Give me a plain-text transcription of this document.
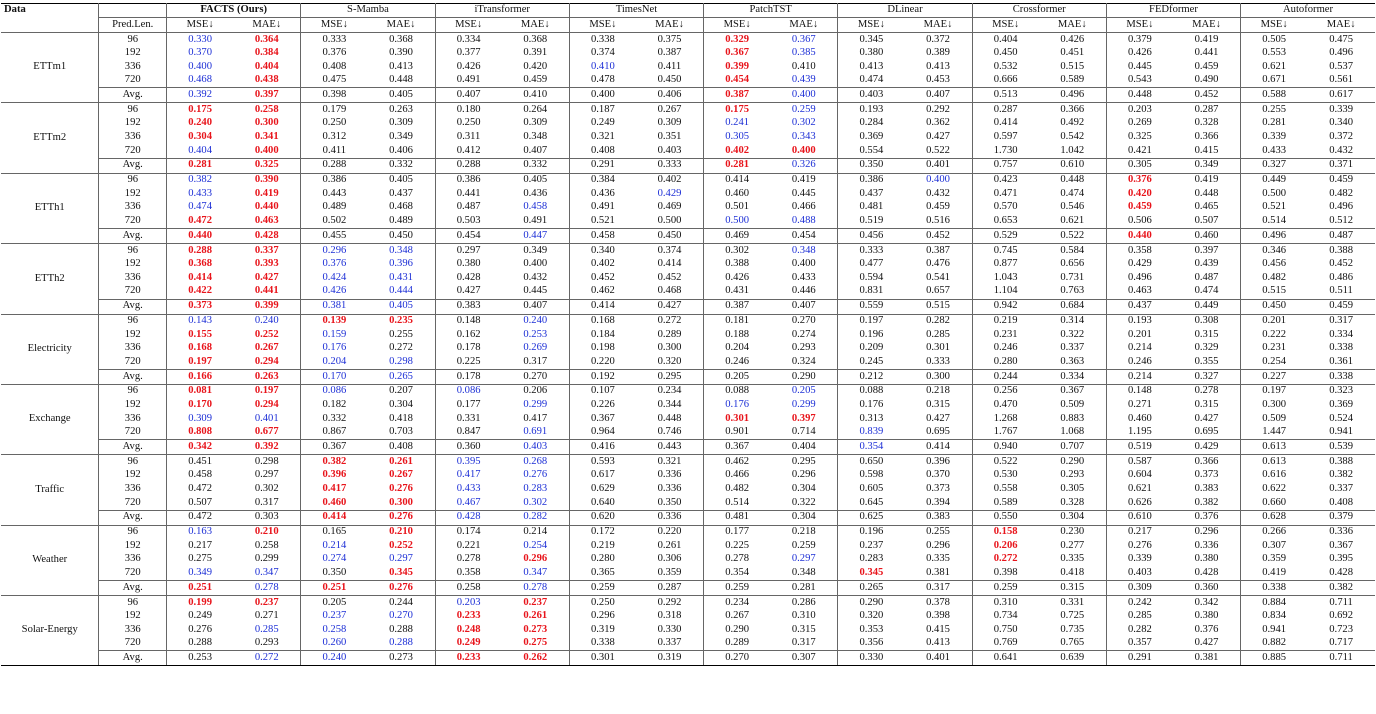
Data		FACTS (Ours)		S-Mamba		iTransformer		TimesNet		PatchTST		DLinear		Crossformer		FEDformer		Autoformer	
	Pred.Len.	MSE↓	MAE↓	MSE↓	MAE↓	MSE↓	MAE↓	MSE↓	MAE↓	MSE↓	MAE↓	MSE↓	MAE↓	MSE↓	MAE↓	MSE↓	MAE↓	MSE↓	MAE↓
ETTm1	96	0.330	0.364	0.333	0.368	0.334	0.368	0.338	0.375	0.329	0.367	0.345	0.372	0.404	0.426	0.379	0.419	0.505	0.475
	192	0.370	0.384	0.376	0.390	0.377	0.391	0.374	0.387	0.367	0.385	0.380	0.389	0.450	0.451	0.426	0.441	0.553	0.496
	336	0.400	0.404	0.408	0.413	0.426	0.420	0.410	0.411	0.399	0.410	0.413	0.413	0.532	0.515	0.445	0.459	0.621	0.537
	720	0.468	0.438	0.475	0.448	0.491	0.459	0.478	0.450	0.454	0.439	0.474	0.453	0.666	0.589	0.543	0.490	0.671	0.561
	Avg.	0.392	0.397	0.398	0.405	0.407	0.410	0.400	0.406	0.387	0.400	0.403	0.407	0.513	0.496	0.448	0.452	0.588	0.617
ETTm2	96	0.175	0.258	0.179	0.263	0.180	0.264	0.187	0.267	0.175	0.259	0.193	0.292	0.287	0.366	0.203	0.287	0.255	0.339
	192	0.240	0.300	0.250	0.309	0.250	0.309	0.249	0.309	0.241	0.302	0.284	0.362	0.414	0.492	0.269	0.328	0.281	0.340
	336	0.304	0.341	0.312	0.349	0.311	0.348	0.321	0.351	0.305	0.343	0.369	0.427	0.597	0.542	0.325	0.366	0.339	0.372
	720	0.404	0.400	0.411	0.406	0.412	0.407	0.408	0.403	0.402	0.400	0.554	0.522	1.730	1.042	0.421	0.415	0.433	0.432
	Avg.	0.281	0.325	0.288	0.332	0.288	0.332	0.291	0.333	0.281	0.326	0.350	0.401	0.757	0.610	0.305	0.349	0.327	0.371
ETTh1	96	0.382	0.390	0.386	0.405	0.386	0.405	0.384	0.402	0.414	0.419	0.386	0.400	0.423	0.448	0.376	0.419	0.449	0.459
	192	0.433	0.419	0.443	0.437	0.441	0.436	0.436	0.429	0.460	0.445	0.437	0.432	0.471	0.474	0.420	0.448	0.500	0.482
	336	0.474	0.440	0.489	0.468	0.487	0.458	0.491	0.469	0.501	0.466	0.481	0.459	0.570	0.546	0.459	0.465	0.521	0.496
	720	0.472	0.463	0.502	0.489	0.503	0.491	0.521	0.500	0.500	0.488	0.519	0.516	0.653	0.621	0.506	0.507	0.514	0.512
	Avg.	0.440	0.428	0.455	0.450	0.454	0.447	0.458	0.450	0.469	0.454	0.456	0.452	0.529	0.522	0.440	0.460	0.496	0.487
ETTh2	96	0.288	0.337	0.296	0.348	0.297	0.349	0.340	0.374	0.302	0.348	0.333	0.387	0.745	0.584	0.358	0.397	0.346	0.388
	192	0.368	0.393	0.376	0.396	0.380	0.400	0.402	0.414	0.388	0.400	0.477	0.476	0.877	0.656	0.429	0.439	0.456	0.452
	336	0.414	0.427	0.424	0.431	0.428	0.432	0.452	0.452	0.426	0.433	0.594	0.541	1.043	0.731	0.496	0.487	0.482	0.486
	720	0.422	0.441	0.426	0.444	0.427	0.445	0.462	0.468	0.431	0.446	0.831	0.657	1.104	0.763	0.463	0.474	0.515	0.511
	Avg.	0.373	0.399	0.381	0.405	0.383	0.407	0.414	0.427	0.387	0.407	0.559	0.515	0.942	0.684	0.437	0.449	0.450	0.459
Electricity	96	0.143	0.240	0.139	0.235	0.148	0.240	0.168	0.272	0.181	0.270	0.197	0.282	0.219	0.314	0.193	0.308	0.201	0.317
	192	0.155	0.252	0.159	0.255	0.162	0.253	0.184	0.289	0.188	0.274	0.196	0.285	0.231	0.322	0.201	0.315	0.222	0.334
	336	0.168	0.267	0.176	0.272	0.178	0.269	0.198	0.300	0.204	0.293	0.209	0.301	0.246	0.337	0.214	0.329	0.231	0.338
	720	0.197	0.294	0.204	0.298	0.225	0.317	0.220	0.320	0.246	0.324	0.245	0.333	0.280	0.363	0.246	0.355	0.254	0.361
	Avg.	0.166	0.263	0.170	0.265	0.178	0.270	0.192	0.295	0.205	0.290	0.212	0.300	0.244	0.334	0.214	0.327	0.227	0.338
Exchange	96	0.081	0.197	0.086	0.207	0.086	0.206	0.107	0.234	0.088	0.205	0.088	0.218	0.256	0.367	0.148	0.278	0.197	0.323
	192	0.170	0.294	0.182	0.304	0.177	0.299	0.226	0.344	0.176	0.299	0.176	0.315	0.470	0.509	0.271	0.315	0.300	0.369
	336	0.309	0.401	0.332	0.418	0.331	0.417	0.367	0.448	0.301	0.397	0.313	0.427	1.268	0.883	0.460	0.427	0.509	0.524
	720	0.808	0.677	0.867	0.703	0.847	0.691	0.964	0.746	0.901	0.714	0.839	0.695	1.767	1.068	1.195	0.695	1.447	0.941
	Avg.	0.342	0.392	0.367	0.408	0.360	0.403	0.416	0.443	0.367	0.404	0.354	0.414	0.940	0.707	0.519	0.429	0.613	0.539
Traffic	96	0.451	0.298	0.382	0.261	0.395	0.268	0.593	0.321	0.462	0.295	0.650	0.396	0.522	0.290	0.587	0.366	0.613	0.388
	192	0.458	0.297	0.396	0.267	0.417	0.276	0.617	0.336	0.466	0.296	0.598	0.370	0.530	0.293	0.604	0.373	0.616	0.382
	336	0.472	0.302	0.417	0.276	0.433	0.283	0.629	0.336	0.482	0.304	0.605	0.373	0.558	0.305	0.621	0.383	0.622	0.337
	720	0.507	0.317	0.460	0.300	0.467	0.302	0.640	0.350	0.514	0.322	0.645	0.394	0.589	0.328	0.626	0.382	0.660	0.408
	Avg.	0.472	0.303	0.414	0.276	0.428	0.282	0.620	0.336	0.481	0.304	0.625	0.383	0.550	0.304	0.610	0.376	0.628	0.379
Weather	96	0.163	0.210	0.165	0.210	0.174	0.214	0.172	0.220	0.177	0.218	0.196	0.255	0.158	0.230	0.217	0.296	0.266	0.336
	192	0.217	0.258	0.214	0.252	0.221	0.254	0.219	0.261	0.225	0.259	0.237	0.296	0.206	0.277	0.276	0.336	0.307	0.367
	336	0.275	0.299	0.274	0.297	0.278	0.296	0.280	0.306	0.278	0.297	0.283	0.335	0.272	0.335	0.339	0.380	0.359	0.395
	720	0.349	0.347	0.350	0.345	0.358	0.347	0.365	0.359	0.354	0.348	0.345	0.381	0.398	0.418	0.403	0.428	0.419	0.428
	Avg.	0.251	0.278	0.251	0.276	0.258	0.278	0.259	0.287	0.259	0.281	0.265	0.317	0.259	0.315	0.309	0.360	0.338	0.382
Solar-Energy	96	0.199	0.237	0.205	0.244	0.203	0.237	0.250	0.292	0.234	0.286	0.290	0.378	0.310	0.331	0.242	0.342	0.884	0.711
	192	0.249	0.271	0.237	0.270	0.233	0.261	0.296	0.318	0.267	0.310	0.320	0.398	0.734	0.725	0.285	0.380	0.834	0.692
	336	0.276	0.285	0.258	0.288	0.248	0.273	0.319	0.330	0.290	0.315	0.353	0.415	0.750	0.735	0.282	0.376	0.941	0.723
	720	0.288	0.293	0.260	0.288	0.249	0.275	0.338	0.337	0.289	0.317	0.356	0.413	0.769	0.765	0.357	0.427	0.882	0.717
	Avg.	0.253	0.272	0.240	0.273	0.233	0.262	0.301	0.319	0.270	0.307	0.330	0.401	0.641	0.639	0.291	0.381	0.885	0.711
